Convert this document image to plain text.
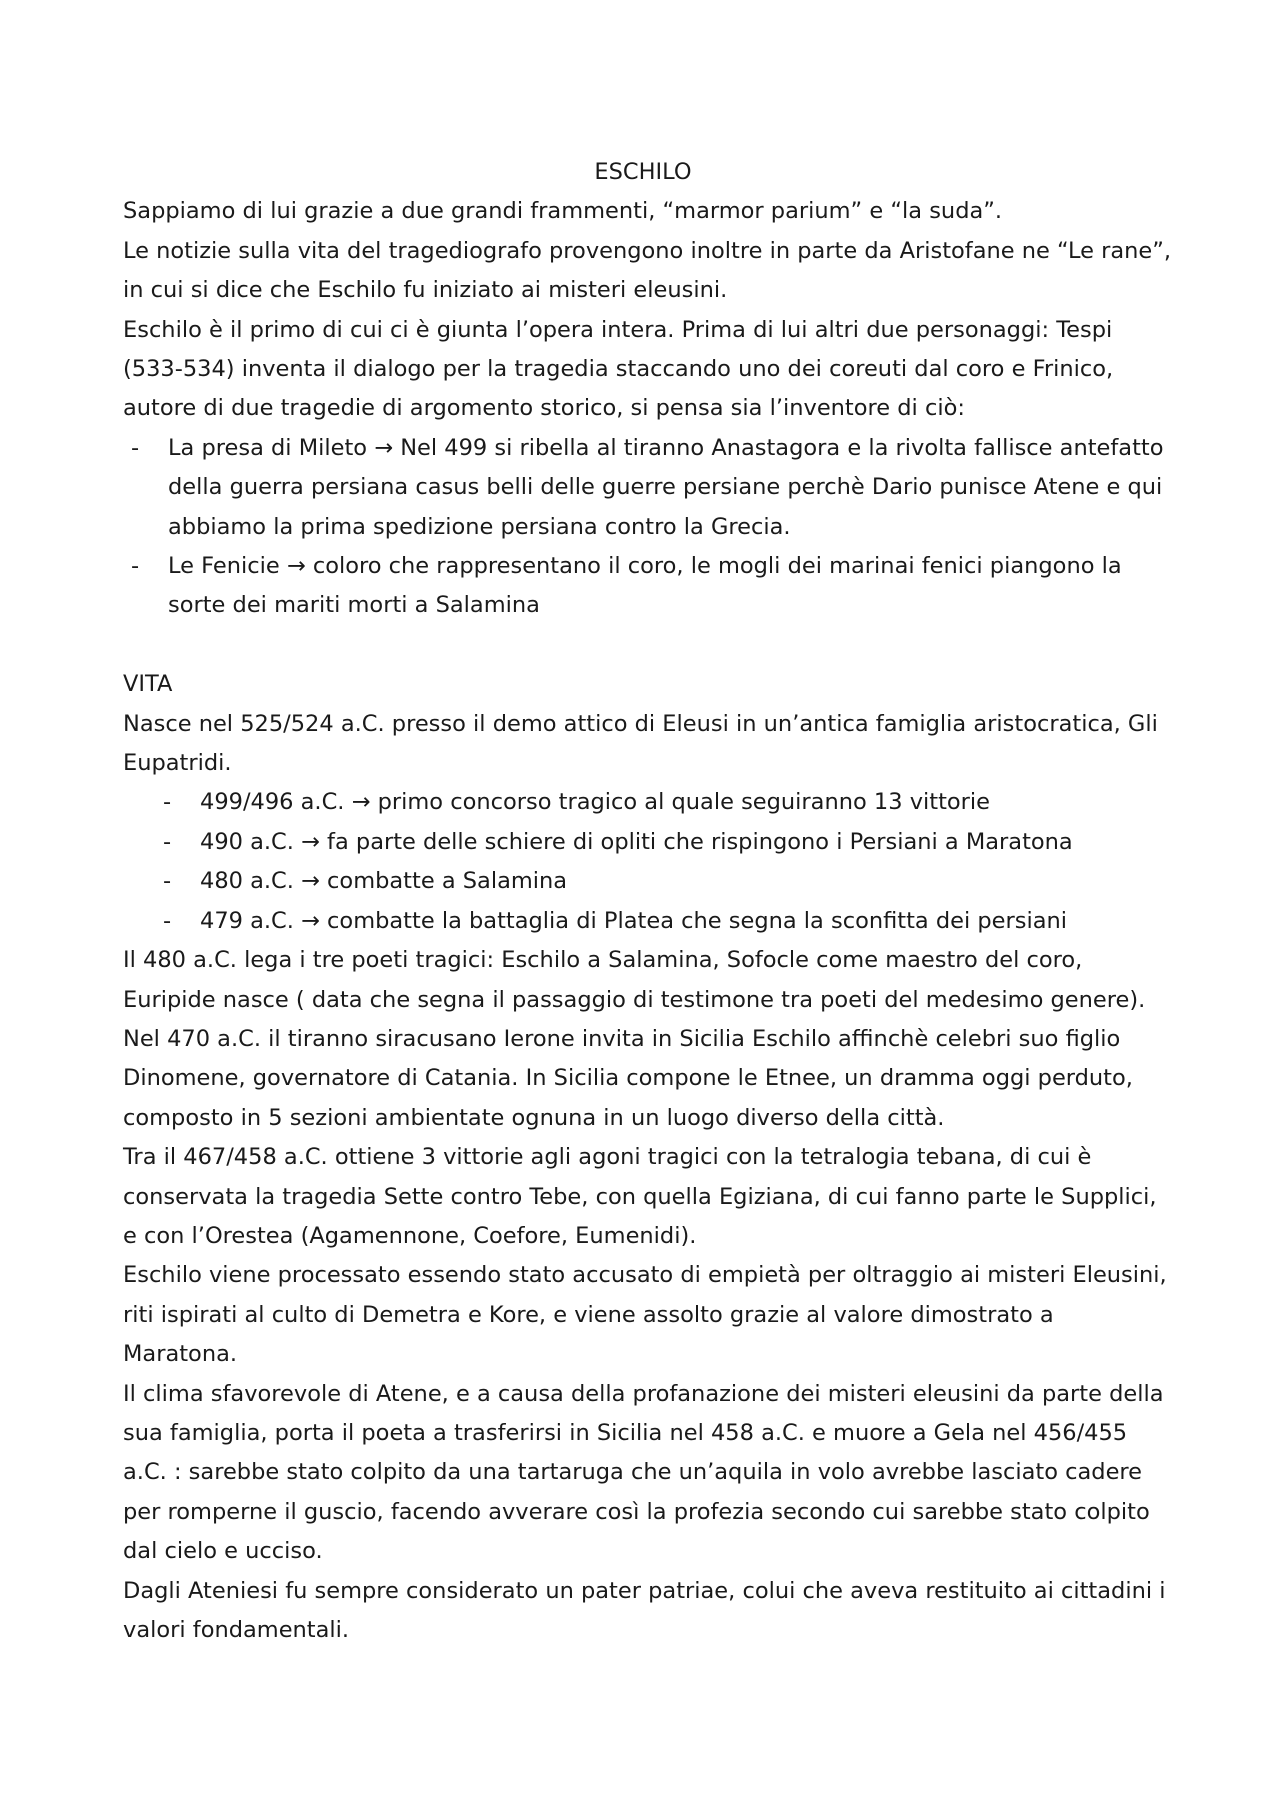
ESCHILO

Sappiamo di lui grazie a due grandi frammenti, “marmor parium” e “la suda”.

Le notizie sulla vita del tragediografo provengono inoltre in parte da Aristofane ne “Le rane”, in cui si dice che Eschilo fu iniziato ai misteri eleusini.

Eschilo è il primo di cui ci è giunta l’opera intera. Prima di lui altri due personaggi: Tespi (533-534) inventa il dialogo per la tragedia staccando uno dei coreuti dal coro e Frinico, autore di due tragedie di argomento storico, si pensa sia l’inventore di ciò:

- La presa di Mileto → Nel 499 si ribella al tiranno Anastagora e la rivolta fallisce antefatto della guerra persiana casus belli delle guerre persiane perchè Dario punisce Atene e qui abbiamo la prima spedizione persiana contro la Grecia.
- Le Fenicie → coloro che rappresentano il coro, le mogli dei marinai fenici piangono la sorte dei mariti morti a Salamina

VITA

Nasce nel 525/524 a.C. presso il demo attico di Eleusi in un’antica famiglia aristocratica, Gli Eupatridi.

- 499/496 a.C. → primo concorso tragico al quale seguiranno 13 vittorie
- 490 a.C. → fa parte delle schiere di opliti che rispingono i Persiani a Maratona
- 480 a.C. → combatte a Salamina
- 479 a.C. → combatte la battaglia di Platea che segna la sconfitta dei persiani

Il 480 a.C. lega i tre poeti tragici: Eschilo a Salamina, Sofocle come maestro del coro, Euripide nasce ( data che segna il passaggio di testimone tra poeti del medesimo genere).

Nel 470 a.C. il tiranno siracusano Ierone invita in Sicilia Eschilo affinchè celebri suo figlio Dinomene, governatore di Catania. In Sicilia compone le Etnee, un dramma oggi perduto, composto in 5 sezioni ambientate ognuna in un luogo diverso della città.

Tra il 467/458 a.C. ottiene 3 vittorie agli agoni tragici con la tetralogia tebana, di cui è conservata la tragedia Sette contro Tebe, con quella Egiziana, di cui fanno parte le Supplici, e con l’Orestea (Agamennone, Coefore, Eumenidi).

Eschilo viene processato essendo stato accusato di empietà per oltraggio ai misteri Eleusini, riti ispirati al culto di Demetra e Kore, e viene assolto grazie al valore dimostrato a Maratona.

Il clima sfavorevole di Atene, e a causa della profanazione dei misteri eleusini da parte della sua famiglia, porta il poeta a trasferirsi in Sicilia nel 458 a.C. e muore a Gela nel 456/455 a.C. : sarebbe stato colpito da una tartaruga che un’aquila in volo avrebbe lasciato cadere per romperne il guscio, facendo avverare così la profezia secondo cui sarebbe stato colpito dal cielo e ucciso.

Dagli Ateniesi fu sempre considerato un pater patriae, colui che aveva restituito ai cittadini i valori fondamentali.
